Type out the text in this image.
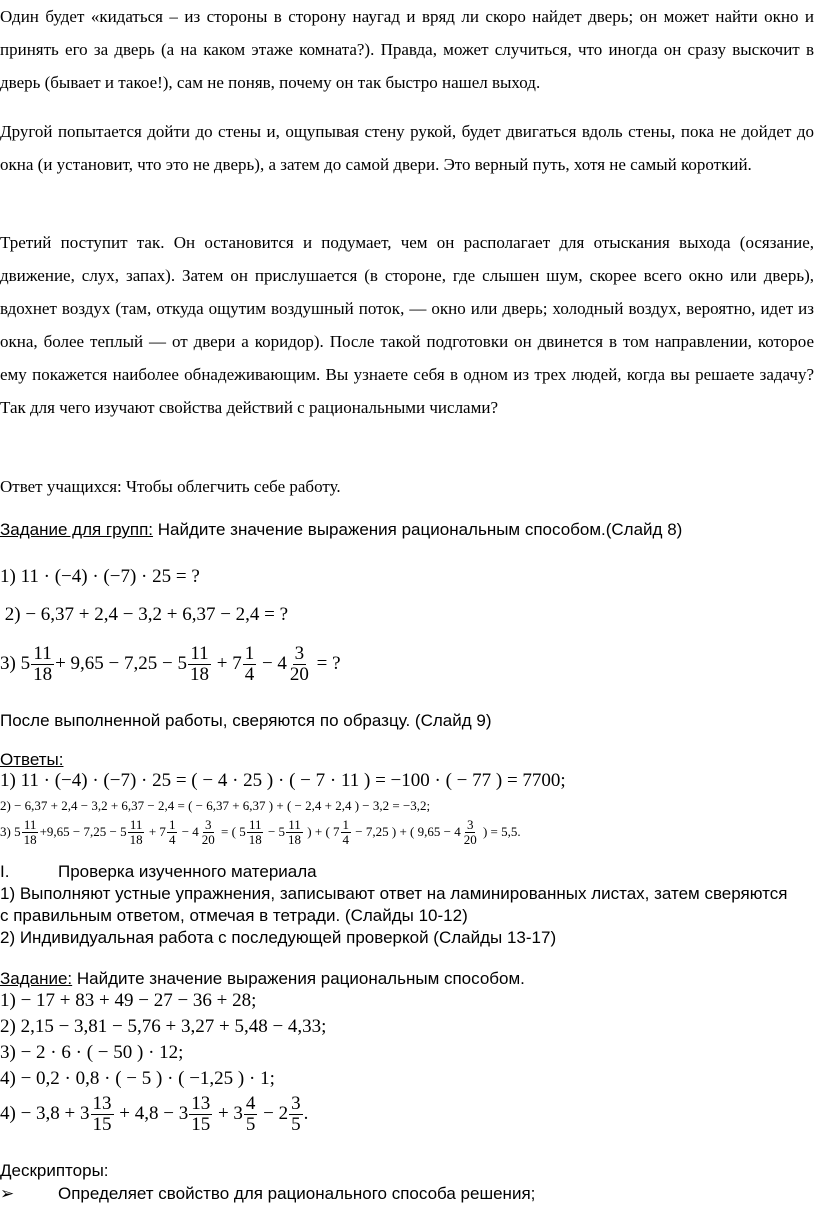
Один будет «кидаться – из стороны в сторону наугад и вряд ли скоро найдет дверь; он может найти окно и принять его за дверь (а на каком этаже комната?). Правда, может случиться, что иногда он сразу выскочит в дверь (бывает и такое!), сам не поняв, почему он так быстро нашел выход.

Другой попытается дойти до стены и, ощупывая стену рукой, будет двигаться вдоль стены, пока не дойдет до окна (и установит, что это не дверь), а затем до самой двери. Это верный путь, хотя не самый короткий.

Третий поступит так. Он остановится и подумает, чем он располагает для отыскания выхода (осязание, движение, слух, запах). Затем он прислушается (в стороне, где слышен шум, скорее всего окно или дверь), вдохнет воздух (там, откуда ощутим воздушный поток, — окно или дверь; холодный воздух, вероятно, идет из окна, более теплый — от двери а коридор). После такой подготовки он двинется в том направлении, которое ему покажется наиболее обнадеживающим. Вы узнаете себя в одном из трех людей, когда вы решаете задачу? Так для чего изучают свойства действий с рациональными числами?

Ответ учащихся: Чтобы облегчить себе работу.

Задание для групп: Найдите значение выражения рациональным способом.(Слайд 8)
1)
11 · (−4) · (−7) · 25
= ?

2)
− 6,37 + 2,4 − 3,2 + 6,37 − 2,4 = ?
3)
$5 \frac{11}{18} + 9,65 - 7,25 - 5 \frac{11}{18}$
+ $7 \frac{1}{4}$
− $4 \frac{3}{20}$
= ?
После выполненной работы, сверяются по образцу. (Слайд 9)
Ответы:
1) 11 · (−4) · (−7) · 25 = ( − 4 · 25 ) · ( − 7 · 11 ) = −100 · ( − 77 ) = 7700;
2) − 6,37 + 2,4 − 3,2 + 6,37 − 2,4 = ( − 6,37 + 6,37 ) + ( − 2,4 + 2,4 ) − 3,2 = −3,2;
3)
$5 \frac{11}{18} +9,65 - 7,25 - 5 \frac{11}{18}$
+ $7 \frac{1}{4}$
− $4 \frac{3}{20}$
= ( $5 \frac{11}{18}$
− $5 \frac{11}{18}$
) + ( $7 \frac{1}{4}$
− 7,25 ) + ( $9,65 - 4 \frac{3}{20}$
) = 5,5.
I.	Проверка изученного материала
1) Выполняют устные упражнения, записывают ответ на ламинированных листах, затем сверяются
с правильным ответом, отмечая в тетради. (Слайды 10-12)
2) Индивидуальная работа с последующей проверкой (Слайды 13-17)
Задание: Найдите значение выражения рациональным способом.
1) − 17 + 83 + 49 − 27 − 36 + 28;
2) 2,15 − 3,81 − 5,76 + 3,27 + 5,48 − 4,33;
3) − 2 · 6 · ( − 50 ) · 12;
4) − 0,2 · 0,8 · ( − 5 ) · ( −1,25 ) · 1;
4)
− $3,8 + 3 \frac{13}{15}$
+ $4,8 - 3 \frac{13}{15}$
+ $3 \frac{4}{5}$
− $2 \frac{3}{5}$ .
Дескрипторы:
➢	Определяет свойство для рационального способа решения;
